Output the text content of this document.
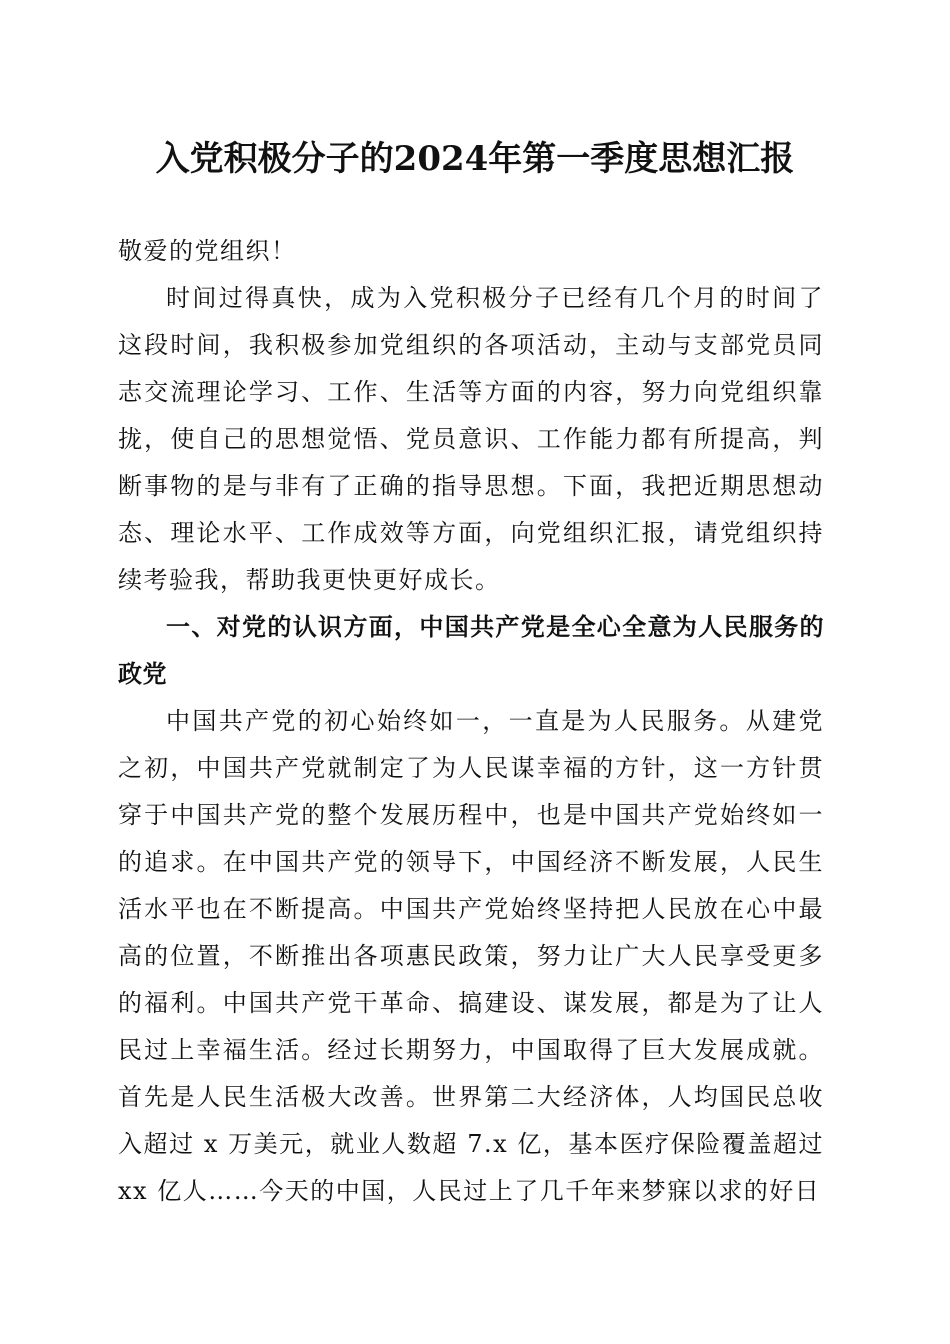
入党积极分子的2024年第一季度思想汇报

敬爱的党组织！

时间过得真快，成为入党积极分子已经有几个月的时间了这段时间，我积极参加党组织的各项活动，主动与支部党员同志交流理论学习、工作、生活等方面的内容，努力向党组织靠拢，使自己的思想觉悟、党员意识、工作能力都有所提高，判断事物的是与非有了正确的指导思想。下面，我把近期思想动态、理论水平、工作成效等方面，向党组织汇报，请党组织持续考验我，帮助我更快更好成长。

一、对党的认识方面，中国共产党是全心全意为人民服务的政党

中国共产党的初心始终如一，一直是为人民服务。从建党之初，中国共产党就制定了为人民谋幸福的方针，这一方针贯穿于中国共产党的整个发展历程中，也是中国共产党始终如一的追求。在中国共产党的领导下，中国经济不断发展，人民生活水平也在不断提高。中国共产党始终坚持把人民放在心中最高的位置，不断推出各项惠民政策，努力让广大人民享受更多的福利。中国共产党干革命、搞建设、谋发展，都是为了让人民过上幸福生活。经过长期努力，中国取得了巨大发展成就。首先是人民生活极大改善。世界第二大经济体，人均国民总收入超过 x 万美元，就业人数超 7.x 亿，基本医疗保险覆盖超过 xx 亿人……今天的中国，人民过上了几千年来梦寐以求的好日
